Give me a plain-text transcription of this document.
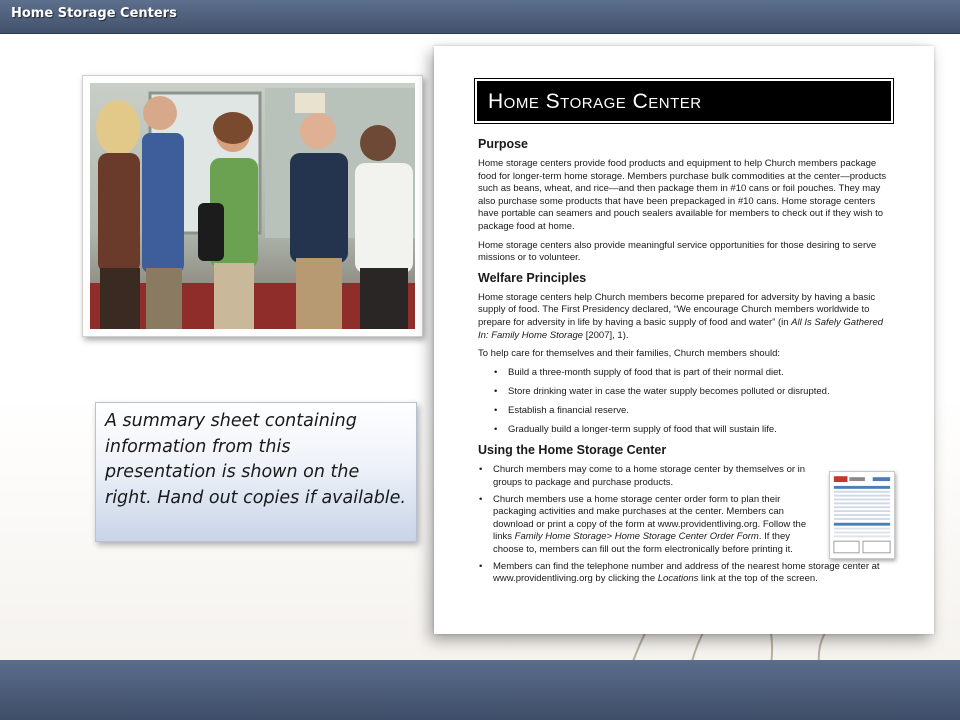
Home Storage Centers

A summary sheet containing information from this presentation is shown on the right. Hand out copies if available.

Home Storage Center
Purpose

Home storage centers provide food products and equipment to help Church members package food for longer-term home storage. Members purchase bulk commodities at the center—products such as beans, wheat, and rice—and then package them in #10 cans or foil pouches. They may also purchase some products that have been prepackaged in #10 cans. Home storage centers have portable can seamers and pouch sealers available for members to check out if they wish to package food at home.

Home storage centers also provide meaningful service opportunities for those desiring to serve missions or to volunteer.

Welfare Principles

Home storage centers help Church members become prepared for adversity by having a basic supply of food. The First Presidency declared, “We encourage Church members worldwide to prepare for adversity in life by having a basic supply of food and water” (in All Is Safely Gathered In: Family Home Storage [2007], 1).

To help care for themselves and their families, Church members should:

• Build a three-month supply of food that is part of their normal diet.
• Store drinking water in case the water supply becomes polluted or disrupted.
• Establish a financial reserve.
• Gradually build a longer-term supply of food that will sustain life.
Using the Home Storage Center
• Church members may come to a home storage center by themselves or in groups to package and purchase products.
• Church members use a home storage center order form to plan their packaging activities and make purchases at the center. Members can download or print a copy of the form at www.providentliving.org. Follow the links Family Home Storage> Home Storage Center Order Form. If they choose to, members can fill out the form electronically before printing it.
• Members can find the telephone number and address of the nearest home storage center at www.providentliving.org by clicking the Locations link at the top of the screen.
